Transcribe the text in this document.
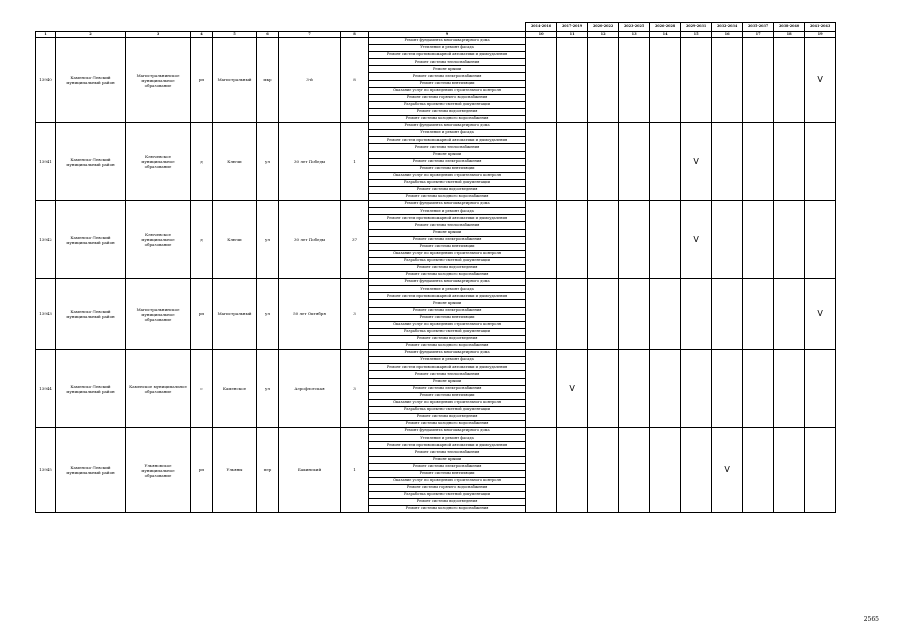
									2014-2016	2017-2019	2020-2022	2023-2025	2026-2028	2029-2031	2032-2034	2035-2037	2038-2040	2041-2043
1	2	3	4	5	6	7	8	9	10	11	12	13	14	15	16	17	18	19
13940	Каменско-Левский муниципальный район	Магистральнинское муниципальное образование	рп	Магистральный	мкр	3-й	8	Ремонт фундамента многоквартирного дома										V
								Утепление и ремонт фасада										
								Ремонт систем противопожарной автоматики и дымоудаления										
								Ремонт системы теплоснабжения										
								Ремонт крыши										
								Ремонт системы электроснабжения										
								Ремонт системы вентиляции										
								Оказание услуг по проведению строительного контроля										
								Ремонт системы горячего водоснабжения										
								Разработка проектно-сметной документации										
								Ремонт системы водоотведения										
								Ремонт системы холодного водоснабжения										
13941	Каменско-Левский муниципальный район	Ключевское муниципальное образование	д	Ключи	ул	30 лет Победы	1	Ремонт фундамента многоквартирного дома						V				
								Утепление и ремонт фасада										
								Ремонт систем противопожарной автоматики и дымоудаления										
								Ремонт системы теплоснабжения										
								Ремонт крыши										
								Ремонт системы электроснабжения										
								Ремонт системы вентиляции										
								Оказание услуг по проведению строительного контроля										
								Разработка проектно-сметной документации										
								Ремонт системы водоотведения										
								Ремонт системы холодного водоснабжения										
13942	Каменско-Левский муниципальный район	Ключевское муниципальное образование	д	Ключи	ул	30 лет Победы	37	Ремонт фундамента многоквартирного дома						V				
								Утепление и ремонт фасада										
								Ремонт систем противопожарной автоматики и дымоудаления										
								Ремонт системы теплоснабжения										
								Ремонт крыши										
								Ремонт системы электроснабжения										
								Ремонт системы вентиляции										
								Оказание услуг по проведению строительного контроля										
								Разработка проектно-сметной документации										
								Ремонт системы водоотведения										
								Ремонт системы холодного водоснабжения										
13943	Каменско-Левский муниципальный район	Магистральнинское муниципальное образование	рп	Магистральный	ул	50 лет Октября	3	Ремонт фундамента многоквартирного дома										V
								Утепление и ремонт фасада										
								Ремонт систем противопожарной автоматики и дымоудаления										
								Ремонт крыши										
								Ремонт системы электроснабжения										
								Ремонт системы вентиляции										
								Оказание услуг по проведению строительного контроля										
								Разработка проектно-сметной документации										
								Ремонт системы водоотведения										
								Ремонт системы холодного водоснабжения										
13944	Каменско-Левский муниципальный район	Каменское муниципальное образование	с	Каменское	ул	Аэрофлотская	3	Ремонт фундамента многоквартирного дома		V								
								Утепление и ремонт фасада										
								Ремонт систем противопожарной автоматики и дымоудаления										
								Ремонт системы теплоснабжения										
								Ремонт крыши										
								Ремонт системы электроснабжения										
								Ремонт системы вентиляции										
								Оказание услуг по проведению строительного контроля										
								Разработка проектно-сметной документации										
								Ремонт системы водоотведения										
								Ремонт системы холодного водоснабжения										
13945	Каменско-Левский муниципальный район	Ульяновское муниципальное образование	рп	Ульяны	пер	Бакинский	1	Ремонт фундамента многоквартирного дома							V			
								Утепление и ремонт фасада										
								Ремонт систем противопожарной автоматики и дымоудаления										
								Ремонт системы теплоснабжения										
								Ремонт крыши										
								Ремонт системы электроснабжения										
								Ремонт системы вентиляции										
								Оказание услуг по проведению строительного контроля										
								Ремонт системы горячего водоснабжения										
								Разработка проектно-сметной документации										
								Ремонт системы водоотведения										
								Ремонт системы холодного водоснабжения										
2565
